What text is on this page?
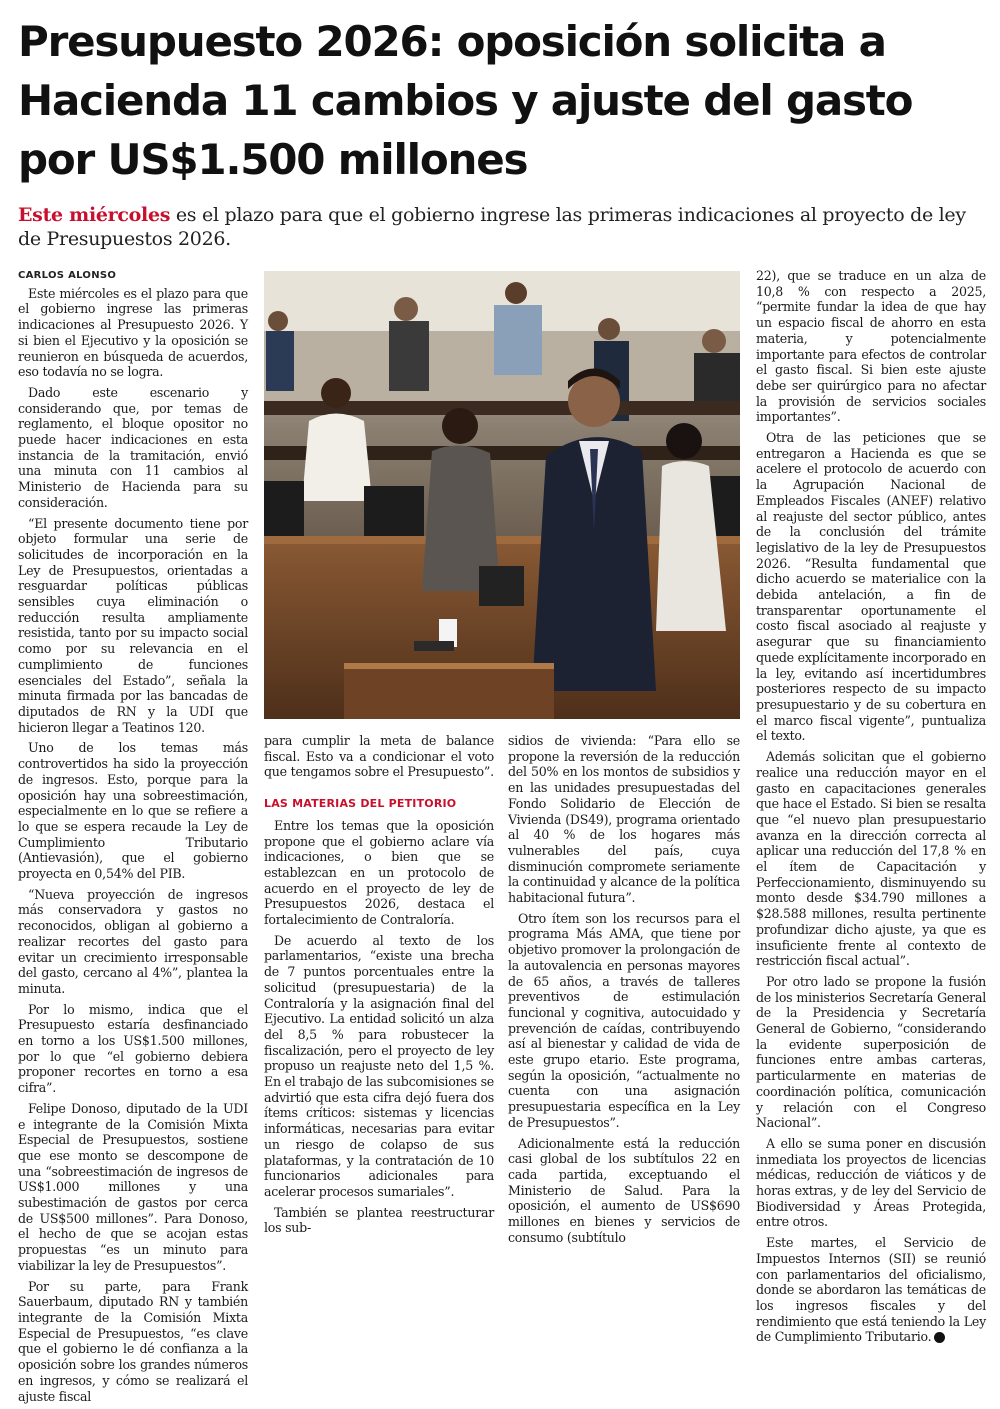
Presupuesto 2026: oposición solicita a Hacienda 11 cambios y ajuste del gasto por US$1.500 millones

Este miércoles es el plazo para que el gobierno ingrese las primeras indicaciones al proyecto de ley de Presupuestos 2026.

CARLOS ALONSO

Este miércoles es el plazo para que el gobierno ingrese las primeras indicaciones al Presupuesto 2026. Y si bien el Ejecutivo y la oposición se reunieron en búsqueda de acuerdos, eso todavía no se logra.

Dado este escenario y considerando que, por temas de reglamento, el bloque opositor no puede hacer indicaciones en esta instancia de la tramitación, envió una minuta con 11 cambios al Ministerio de Hacienda para su consideración.

“El presente documento tiene por objeto formular una serie de solicitudes de incorporación en la Ley de Presupuestos, orientadas a resguardar políticas públicas sensibles cuya eliminación o reducción resulta ampliamente resistida, tanto por su impacto social como por su relevancia en el cumplimiento de funciones esenciales del Estado”, señala la minuta firmada por las bancadas de diputados de RN y la UDI que hicieron llegar a Teatinos 120.

Uno de los temas más controvertidos ha sido la proyección de ingresos. Esto, porque para la oposición hay una sobreestimación, especialmente en lo que se refiere a lo que se espera recaude la Ley de Cumplimiento Tributario (Antievasión), que el gobierno proyecta en 0,54% del PIB.

“Nueva proyección de ingresos más conservadora y gastos no reconocidos, obligan al gobierno a realizar recortes del gasto para evitar un crecimiento irresponsable del gasto, cercano al 4%”, plantea la minuta.

Por lo mismo, indica que el Presupuesto estaría desfinanciado en torno a los US$1.500 millones, por lo que “el gobierno debiera proponer recortes en torno a esa cifra”.

Felipe Donoso, diputado de la UDI e integrante de la Comisión Mixta Especial de Presupuestos, sostiene que ese monto se descompone de una “sobreestimación de ingresos de US$1.000 millones y una subestimación de gastos por cerca de US$500 millones”. Para Donoso, el hecho de que se acojan estas propuestas “es un minuto para viabilizar la ley de Presupuestos”.

Por su parte, para Frank Sauerbaum, diputado RN y también integrante de la Comisión Mixta Especial de Presupuestos, “es clave que el gobierno le dé confianza a la oposición sobre los grandes números en ingresos, y cómo se realizará el ajuste fiscal

para cumplir la meta de balance fiscal. Esto va a condicionar el voto que tengamos sobre el Presupuesto”.

LAS MATERIAS DEL PETITORIO

Entre los temas que la oposición propone que el gobierno aclare vía indicaciones, o bien que se establezcan en un protocolo de acuerdo en el proyecto de ley de Presupuestos 2026, destaca el fortalecimiento de Contraloría.

De acuerdo al texto de los parlamentarios, “existe una brecha de 7 puntos porcentuales entre la solicitud (presupuestaria) de la Contraloría y la asignación final del Ejecutivo. La entidad solicitó un alza del 8,5 % para robustecer la fiscalización, pero el proyecto de ley propuso un reajuste neto del 1,5 %. En el trabajo de las subcomisiones se advirtió que esta cifra dejó fuera dos ítems críticos: sistemas y licencias informáticas, necesarias para evitar un riesgo de colapso de sus plataformas, y la contratación de 10 funcionarios adicionales para acelerar procesos sumariales”.

También se plantea reestructurar los sub-

sidios de vivienda: “Para ello se propone la reversión de la reducción del 50% en los montos de subsidios y en las unidades presupuestadas del Fondo Solidario de Elección de Vivienda (DS49), programa orientado al 40 % de los hogares más vulnerables del país, cuya disminución compromete seriamente la continuidad y alcance de la política habitacional futura”.

Otro ítem son los recursos para el programa Más AMA, que tiene por objetivo promover la prolongación de la autovalencia en personas mayores de 65 años, a través de talleres preventivos de estimulación funcional y cognitiva, autocuidado y prevención de caídas, contribuyendo así al bienestar y calidad de vida de este grupo etario. Este programa, según la oposición, “actualmente no cuenta con una asignación presupuestaria específica en la Ley de Presupuestos”.

Adicionalmente está la reducción casi global de los subtítulos 22 en cada partida, exceptuando el Ministerio de Salud. Para la oposición, el aumento de US$690 millones en bienes y servicios de consumo (subtítulo

22), que se traduce en un alza de 10,8 % con respecto a 2025, “permite fundar la idea de que hay un espacio fiscal de ahorro en esta materia, y potencialmente importante para efectos de controlar el gasto fiscal. Si bien este ajuste debe ser quirúrgico para no afectar la provisión de servicios sociales importantes”.

Otra de las peticiones que se entregaron a Hacienda es que se acelere el protocolo de acuerdo con la Agrupación Nacional de Empleados Fiscales (ANEF) relativo al reajuste del sector público, antes de la conclusión del trámite legislativo de la ley de Presupuestos 2026. “Resulta fundamental que dicho acuerdo se materialice con la debida antelación, a fin de transparentar oportunamente el costo fiscal asociado al reajuste y asegurar que su financiamiento quede explícitamente incorporado en la ley, evitando así incertidumbres posteriores respecto de su impacto presupuestario y de su cobertura en el marco fiscal vigente”, puntualiza el texto.

Además solicitan que el gobierno realice una reducción mayor en el gasto en capacitaciones generales que hace el Estado. Si bien se resalta que “el nuevo plan presupuestario avanza en la dirección correcta al aplicar una reducción del 17,8 % en el ítem de Capacitación y Perfeccionamiento, disminuyendo su monto desde $34.790 millones a $28.588 millones, resulta pertinente profundizar dicho ajuste, ya que es insuficiente frente al contexto de restricción fiscal actual”.

Por otro lado se propone la fusión de los ministerios Secretaría General de la Presidencia y Secretaría General de Gobierno, “considerando la evidente superposición de funciones entre ambas carteras, particularmente en materias de coordinación política, comunicación y relación con el Congreso Nacional”.

A ello se suma poner en discusión inmediata los proyectos de licencias médicas, reducción de viáticos y de horas extras, y de ley del Servicio de Biodiversidad y Áreas Protegida, entre otros.

Este martes, el Servicio de Impuestos Internos (SII) se reunió con parlamentarios del oficialismo, donde se abordaron las temáticas de los ingresos fiscales y del rendimiento que está teniendo la Ley de Cumplimiento Tributario. P
